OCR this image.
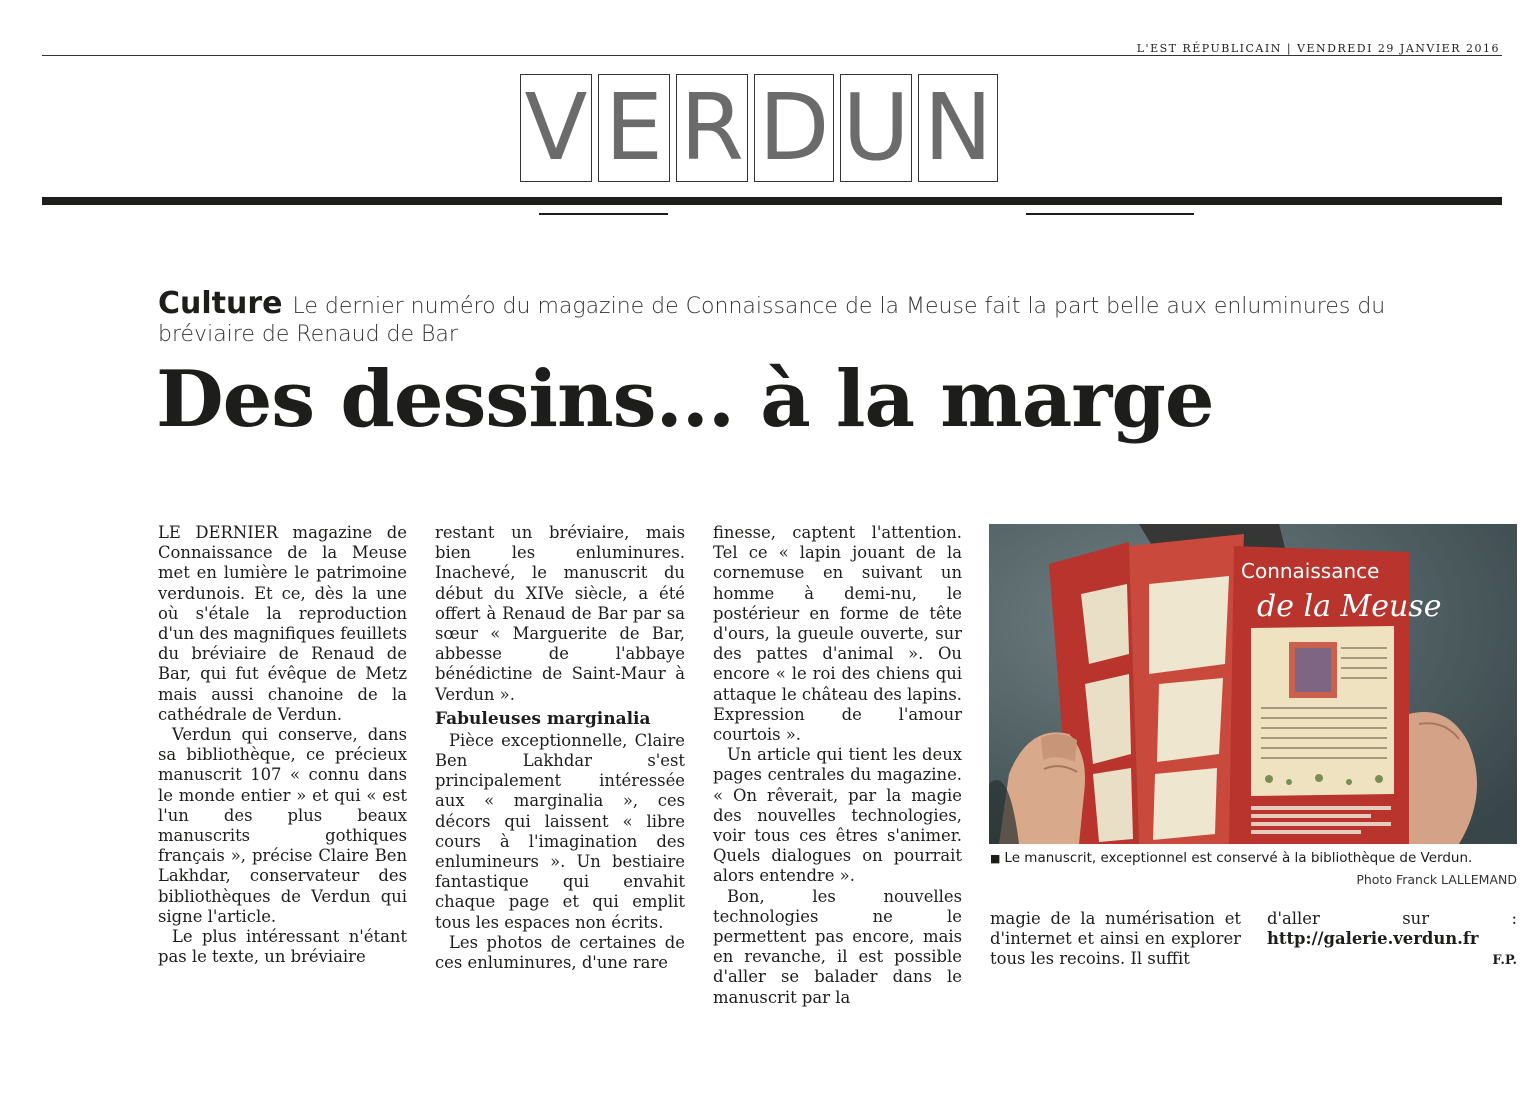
L'EST RÉPUBLICAIN | VENDREDI 29 JANVIER 2016
V E R D U N
Culture Le dernier numéro du magazine de Connaissance de la Meuse fait la part belle aux enluminures du bréviaire de Renaud de Bar
Des dessins... à la marge

LE DERNIER magazine de Connaissance de la Meuse met en lumière le patrimoine verdunois. Et ce, dès la une où s'étale la reproduction d'un des magnifiques feuillets du bréviaire de Renaud de Bar, qui fut évêque de Metz mais aussi chanoine de la cathédrale de Verdun.

Verdun qui conserve, dans sa bibliothèque, ce précieux manuscrit 107 « connu dans le monde entier » et qui « est l'un des plus beaux manuscrits gothiques français », précise Claire Ben Lakhdar, conservateur des bibliothèques de Verdun qui signe l'article.

Le plus intéressant n'étant pas le texte, un bréviaire

restant un bréviaire, mais bien les enluminures. Inachevé, le manuscrit du début du XIVe siècle, a été offert à Renaud de Bar par sa sœur « Marguerite de Bar, abbesse de l'abbaye bénédictine de Saint-Maur à Verdun ».

Fabuleuses marginalia

Pièce exceptionnelle, Claire Ben Lakhdar s'est principalement intéressée aux « marginalia », ces décors qui laissent « libre cours à l'imagination des enlumineurs ». Un bestiaire fantastique qui envahit chaque page et qui emplit tous les espaces non écrits.

Les photos de certaines de ces enluminures, d'une rare

finesse, captent l'attention. Tel ce « lapin jouant de la cornemuse en suivant un homme à demi-nu, le postérieur en forme de tête d'ours, la gueule ouverte, sur des pattes d'animal ». Ou encore « le roi des chiens qui attaque le château des lapins. Expression de l'amour courtois ».

Un article qui tient les deux pages centrales du magazine. « On rêverait, par la magie des nouvelles technologies, voir tous ces êtres s'animer. Quels dialogues on pourrait alors entendre ».

Bon, les nouvelles technologies ne le permettent pas encore, mais en revanche, il est possible d'aller se balader dans le manuscrit par la

Connaissance
de la Meuse
■ Le manuscrit, exceptionnel est conservé à la bibliothèque de Verdun.
Photo Franck LALLEMAND

magie de la numérisation et d'internet et ainsi en explorer tous les recoins. Il suffit

d'aller sur : http://galerie.verdun.fr

F.P.
